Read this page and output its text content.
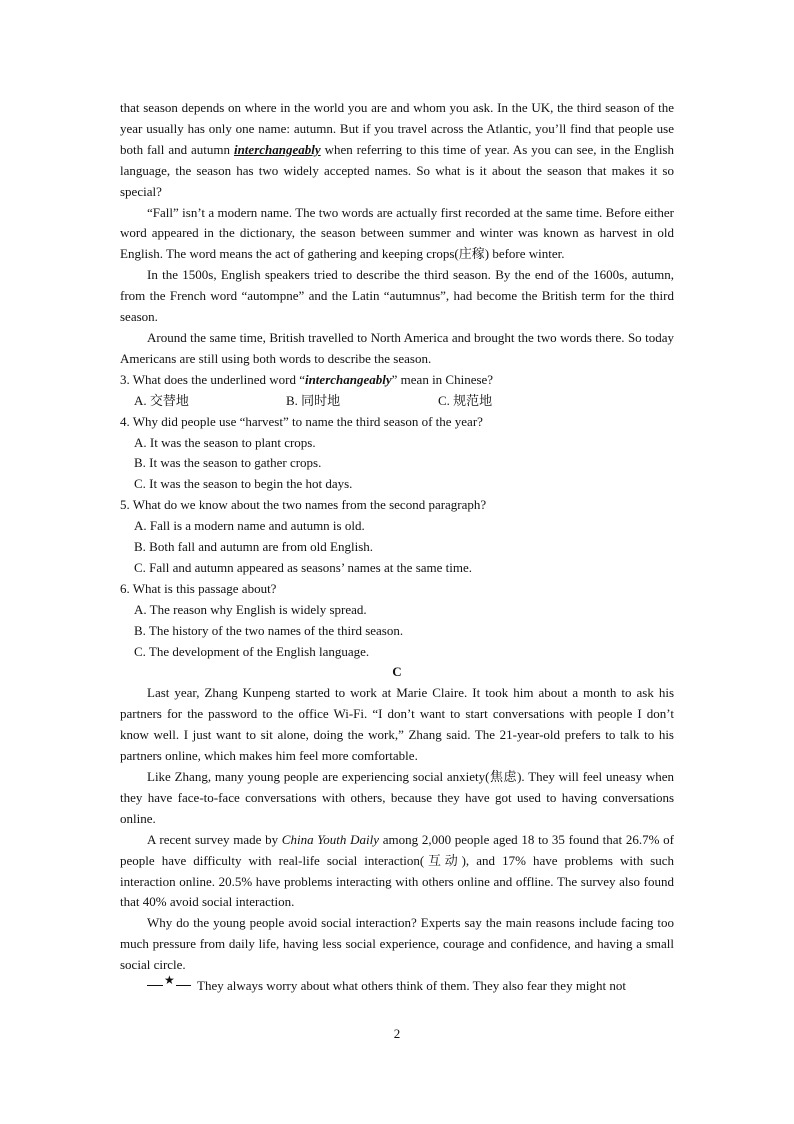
that season depends on where in the world you are and whom you ask. In the UK, the third season of the year usually has only one name: autumn. But if you travel across the Atlantic, you’ll find that people use both fall and autumn interchangeably when referring to this time of year. As you can see, in the English language, the season has two widely accepted names. So what is it about the season that makes it so special?

“Fall” isn’t a modern name. The two words are actually first recorded at the same time. Before either word appeared in the dictionary, the season between summer and winter was known as harvest in old English. The word means the act of gathering and keeping crops(庄稼) before winter.

In the 1500s, English speakers tried to describe the third season. By the end of the 1600s, autumn, from the French word “autompne” and the Latin “autumnus”, had become the British term for the third season.

Around the same time, British travelled to North America and brought the two words there. So today Americans are still using both words to describe the season.

3. What does the underlined word “interchangeably” mean in Chinese?

A. 交替地	B. 同时地	C. 规范地

4. Why did people use “harvest” to name the third season of the year?

A. It was the season to plant crops.

B. It was the season to gather crops.

C. It was the season to begin the hot days.

5. What do we know about the two names from the second paragraph?

A. Fall is a modern name and autumn is old.

B. Both fall and autumn are from old English.

C. Fall and autumn appeared as seasons’ names at the same time.

6. What is this passage about?

A. The reason why English is widely spread.

B. The history of the two names of the third season.

C. The development of the English language.

C

Last year, Zhang Kunpeng started to work at Marie Claire. It took him about a month to ask his partners for the password to the office Wi-Fi. “I don’t want to start conversations with people I don’t know well. I just want to sit alone, doing the work,” Zhang said. The 21-year-old prefers to talk to his partners online, which makes him feel more comfortable.

Like Zhang, many young people are experiencing social anxiety(焦虑). They will feel uneasy when they have face-to-face conversations with others, because they have got used to having conversations online.

A recent survey made by China Youth Daily among 2,000 people aged 18 to 35 found that 26.7% of people have difficulty with real-life social interaction(互动), and 17% have problems with such interaction online. 20.5% have problems interacting with others online and offline. The survey also found that 40% avoid social interaction.

Why do the young people avoid social interaction? Experts say the main reasons include facing too much pressure from daily life, having less social experience, courage and confidence, and having a small social circle.

★ They always worry about what others think of them. They also fear they might not

2
